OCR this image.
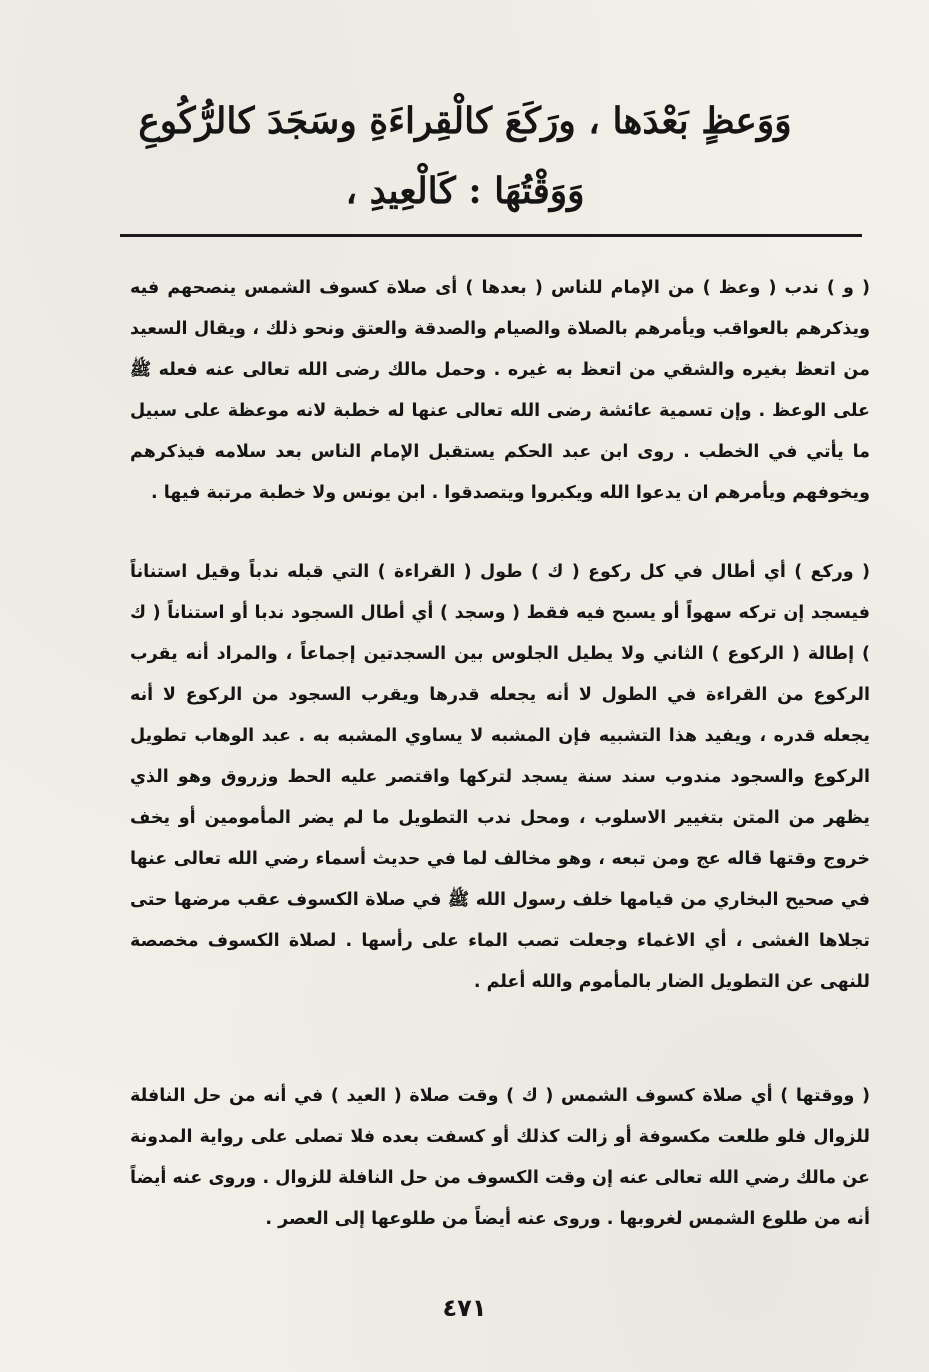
وَوَعظٍ بَعْدَها ، ورَكَعَ كالْقِراءَةِ وسَجَدَ كالرُّكُوعِ
وَوَقْتُهَا : كَالْعِيدِ ،

( و ) ندب ( وعظ ) من الإمام للناس ( بعدها ) أى صلاة كسوف الشمس ينصحهم فيه ويذكرهم بالعواقب ويأمرهم بالصلاة والصيام والصدقة والعتق ونحو ذلك ، ويقال السعيد من اتعظ بغيره والشقي من اتعظ به غيره . وحمل مالك رضى الله تعالى عنه فعله ﷺ على الوعظ . وإن تسمية عائشة رضى الله تعالى عنها له خطبة لانه موعظة على سبيل ما يأتي في الخطب . روى ابن عبد الحكم يستقبل الإمام الناس بعد سلامه فيذكرهم ويخوفهم ويأمرهم ان يدعوا الله ويكبروا ويتصدقوا . ابن يونس ولا خطبة مرتبة فيها .

( وركع ) أي أطال في كل ركوع ( ك ) طول ( القراءة ) التي قبله ندباً وقيل استناناً فيسجد إن تركه سهواً أو يسبح فيه فقط ( وسجد ) أي أطال السجود ندبا أو استناناً ( ك ) إطالة ( الركوع ) الثاني ولا يطيل الجلوس بين السجدتين إجماعاً ، والمراد أنه يقرب الركوع من القراءة في الطول لا أنه يجعله قدرها ويقرب السجود من الركوع لا أنه يجعله قدره ، ويفيد هذا التشبيه فإن المشبه لا يساوي المشبه به . عبد الوهاب تطويل الركوع والسجود مندوب سند سنة يسجد لتركها واقتصر عليه الحط وزروق وهو الذي يظهر من المتن بتغيير الاسلوب ، ومحل ندب التطويل ما لم يضر المأمومين أو يخف خروج وقتها قاله عج ومن تبعه ، وهو مخالف لما في حديث أسماء رضي الله تعالى عنها في صحيح البخاري من قيامها خلف رسول الله ﷺ في صلاة الكسوف عقب مرضها حتى تجلاها الغشى ، أي الاغماء وجعلت تصب الماء على رأسها . لصلاة الكسوف مخصصة للنهى عن التطويل الضار بالمأموم والله أعلم .

( ووقتها ) أي صلاة كسوف الشمس ( ك ) وقت صلاة ( العيد ) في أنه من حل النافلة للزوال فلو طلعت مكسوفة أو زالت كذلك أو كسفت بعده فلا تصلى على رواية المدونة عن مالك رضي الله تعالى عنه إن وقت الكسوف من حل النافلة للزوال . وروى عنه أيضاً أنه من طلوع الشمس لغروبها . وروى عنه أيضاً من طلوعها إلى العصر .

٤٧١
